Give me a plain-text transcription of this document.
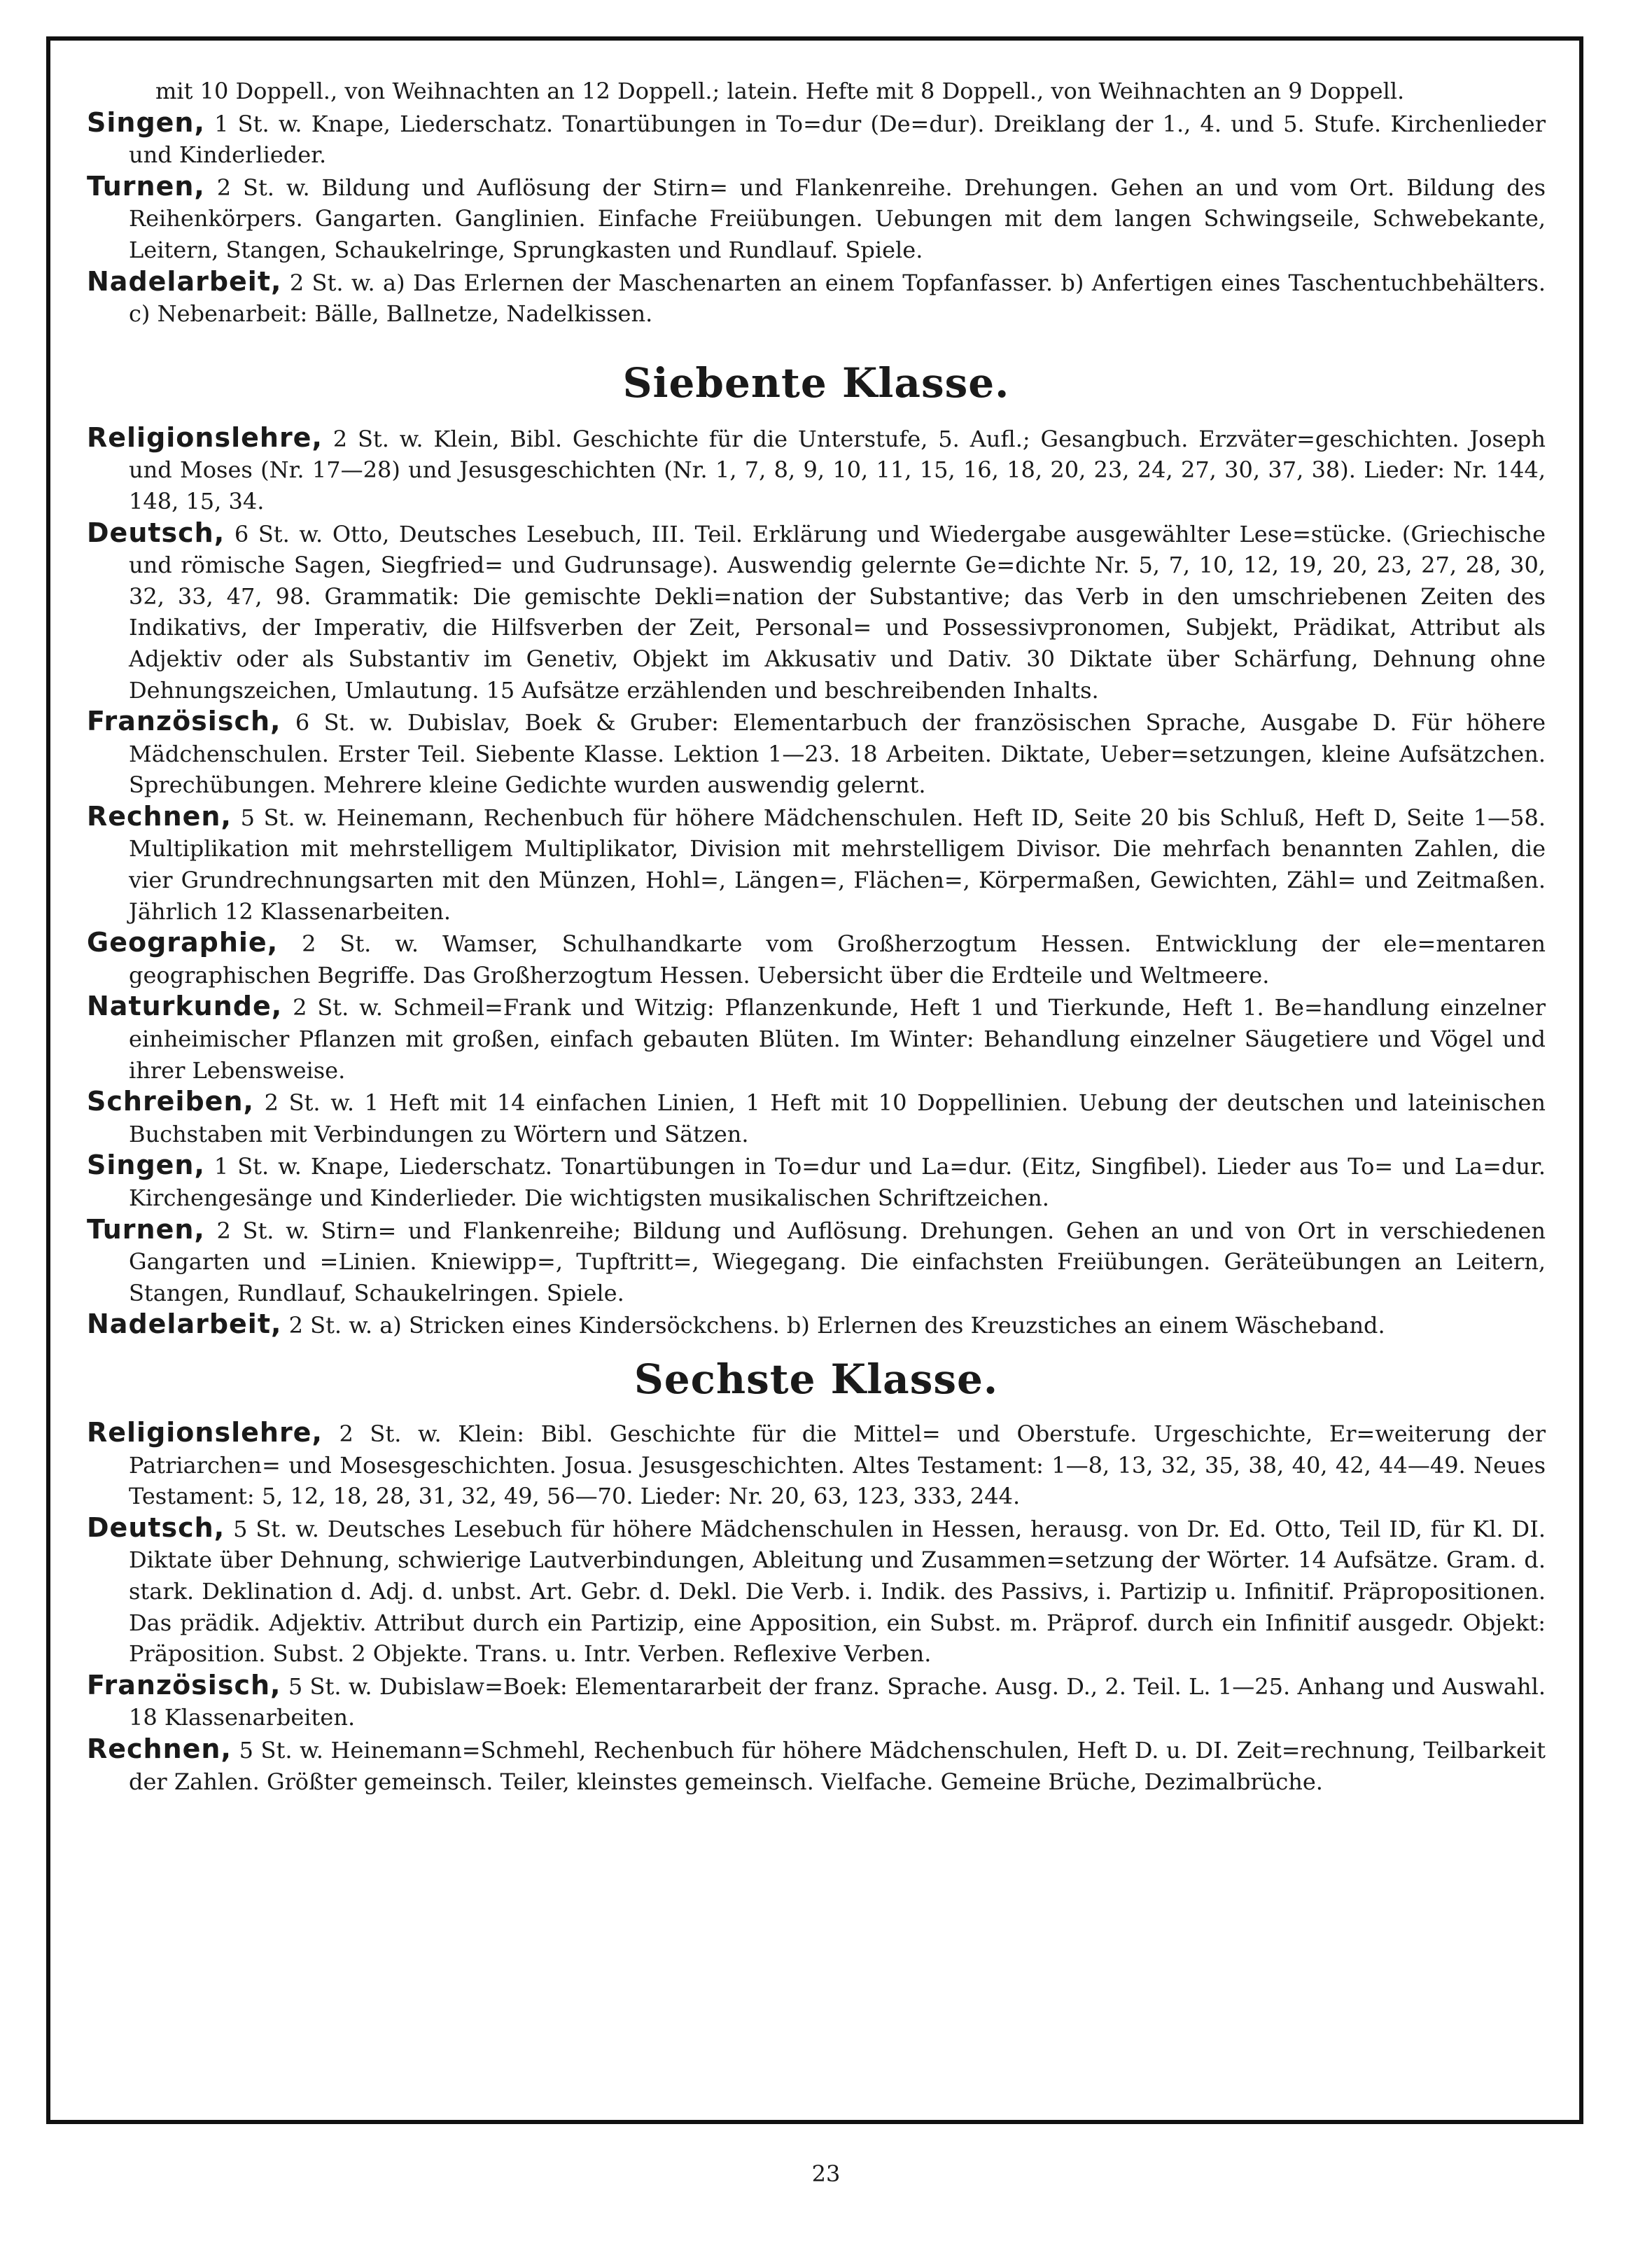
mit 10 Doppell., von Weihnachten an 12 Doppell.; latein. Hefte mit 8 Doppell., von Weihnachten an 9 Doppell.

Singen, 1 St. w. Knape, Liederschatz. Tonartübungen in To=dur (De=dur). Dreiklang der 1., 4. und 5. Stufe. Kirchenlieder und Kinderlieder.

Turnen, 2 St. w. Bildung und Auflösung der Stirn= und Flankenreihe. Drehungen. Gehen an und vom Ort. Bildung des Reihenkörpers. Gangarten. Ganglinien. Einfache Freiübungen. Uebungen mit dem langen Schwingseile, Schwebekante, Leitern, Stangen, Schaukelringe, Sprungkasten und Rundlauf. Spiele.

Nadelarbeit, 2 St. w. a) Das Erlernen der Maschenarten an einem Topfanfasser. b) Anfertigen eines Taschentuchbehälters. c) Nebenarbeit: Bälle, Ballnetze, Nadelkissen.

Siebente Klasse.

Religionslehre, 2 St. w. Klein, Bibl. Geschichte für die Unterstufe, 5. Aufl.; Gesangbuch. Erzväter=geschichten. Joseph und Moses (Nr. 17—28) und Jesusgeschichten (Nr. 1, 7, 8, 9, 10, 11, 15, 16, 18, 20, 23, 24, 27, 30, 37, 38). Lieder: Nr. 144, 148, 15, 34.

Deutsch, 6 St. w. Otto, Deutsches Lesebuch, III. Teil. Erklärung und Wiedergabe ausgewählter Lese=stücke. (Griechische und römische Sagen, Siegfried= und Gudrunsage). Auswendig gelernte Ge=dichte Nr. 5, 7, 10, 12, 19, 20, 23, 27, 28, 30, 32, 33, 47, 98. Grammatik: Die gemischte Dekli=nation der Substantive; das Verb in den umschriebenen Zeiten des Indikativs, der Imperativ, die Hilfsverben der Zeit, Personal= und Possessivpronomen, Subjekt, Prädikat, Attribut als Adjektiv oder als Substantiv im Genetiv, Objekt im Akkusativ und Dativ. 30 Diktate über Schärfung, Dehnung ohne Dehnungszeichen, Umlautung. 15 Aufsätze erzählenden und beschreibenden Inhalts.

Französisch, 6 St. w. Dubislav, Boek & Gruber: Elementarbuch der französischen Sprache, Ausgabe D. Für höhere Mädchenschulen. Erster Teil. Siebente Klasse. Lektion 1—23. 18 Arbeiten. Diktate, Ueber=setzungen, kleine Aufsätzchen. Sprechübungen. Mehrere kleine Gedichte wurden auswendig gelernt.

Rechnen, 5 St. w. Heinemann, Rechenbuch für höhere Mädchenschulen. Heft ID, Seite 20 bis Schluß, Heft D, Seite 1—58. Multiplikation mit mehrstelligem Multiplikator, Division mit mehrstelligem Divisor. Die mehrfach benannten Zahlen, die vier Grundrechnungsarten mit den Münzen, Hohl=, Längen=, Flächen=, Körpermaßen, Gewichten, Zähl= und Zeitmaßen. Jährlich 12 Klassenarbeiten.

Geographie, 2 St. w. Wamser, Schulhandkarte vom Großherzogtum Hessen. Entwicklung der ele=mentaren geographischen Begriffe. Das Großherzogtum Hessen. Uebersicht über die Erdteile und Weltmeere.

Naturkunde, 2 St. w. Schmeil=Frank und Witzig: Pflanzenkunde, Heft 1 und Tierkunde, Heft 1. Be=handlung einzelner einheimischer Pflanzen mit großen, einfach gebauten Blüten. Im Winter: Behandlung einzelner Säugetiere und Vögel und ihrer Lebensweise.

Schreiben, 2 St. w. 1 Heft mit 14 einfachen Linien, 1 Heft mit 10 Doppellinien. Uebung der deutschen und lateinischen Buchstaben mit Verbindungen zu Wörtern und Sätzen.

Singen, 1 St. w. Knape, Liederschatz. Tonartübungen in To=dur und La=dur. (Eitz, Singfibel). Lieder aus To= und La=dur. Kirchengesänge und Kinderlieder. Die wichtigsten musikalischen Schriftzeichen.

Turnen, 2 St. w. Stirn= und Flankenreihe; Bildung und Auflösung. Drehungen. Gehen an und von Ort in verschiedenen Gangarten und =Linien. Kniewipp=, Tupftritt=, Wiegegang. Die einfachsten Freiübungen. Geräteübungen an Leitern, Stangen, Rundlauf, Schaukelringen. Spiele.

Nadelarbeit, 2 St. w. a) Stricken eines Kindersöckchens. b) Erlernen des Kreuzstiches an einem Wäscheband.

Sechste Klasse.

Religionslehre, 2 St. w. Klein: Bibl. Geschichte für die Mittel= und Oberstufe. Urgeschichte, Er=weiterung der Patriarchen= und Mosesgeschichten. Josua. Jesusgeschichten. Altes Testament: 1—8, 13, 32, 35, 38, 40, 42, 44—49. Neues Testament: 5, 12, 18, 28, 31, 32, 49, 56—70. Lieder: Nr. 20, 63, 123, 333, 244.

Deutsch, 5 St. w. Deutsches Lesebuch für höhere Mädchenschulen in Hessen, herausg. von Dr. Ed. Otto, Teil ID, für Kl. DI. Diktate über Dehnung, schwierige Lautverbindungen, Ableitung und Zusammen=setzung der Wörter. 14 Aufsätze. Gram. d. stark. Deklination d. Adj. d. unbst. Art. Gebr. d. Dekl. Die Verb. i. Indik. des Passivs, i. Partizip u. Infinitif. Präpropositionen. Das prädik. Adjektiv. Attribut durch ein Partizip, eine Apposition, ein Subst. m. Präprof. durch ein Infinitif ausgedr. Objekt: Präposition. Subst. 2 Objekte. Trans. u. Intr. Verben. Reflexive Verben.

Französisch, 5 St. w. Dubislaw=Boek: Elementararbeit der franz. Sprache. Ausg. D., 2. Teil. L. 1—25. Anhang und Auswahl. 18 Klassenarbeiten.

Rechnen, 5 St. w. Heinemann=Schmehl, Rechenbuch für höhere Mädchenschulen, Heft D. u. DI. Zeit=rechnung, Teilbarkeit der Zahlen. Größter gemeinsch. Teiler, kleinstes gemeinsch. Vielfache. Gemeine Brüche, Dezimalbrüche.

23
